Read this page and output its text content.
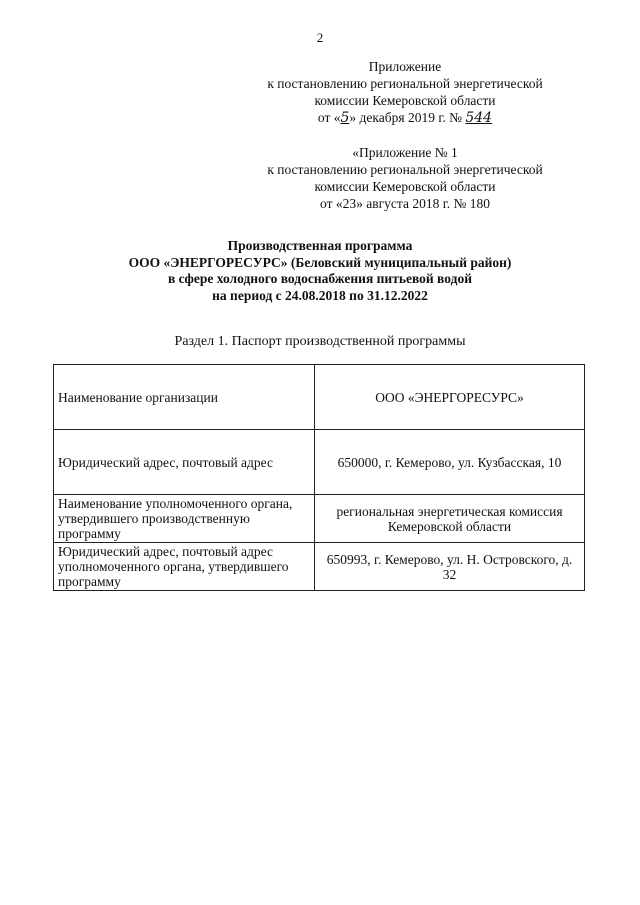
2
Приложение
к постановлению региональной энергетической
комиссии Кемеровской области
от «5» декабря 2019 г. № 544
«Приложение № 1
к постановлению региональной энергетической
комиссии Кемеровской области
от «23» августа 2018 г. № 180
Производственная программа
ООО «ЭНЕРГОРЕСУРС» (Беловский муниципальный район)
в сфере холодного водоснабжения питьевой водой
на период с 24.08.2018 по 31.12.2022
Раздел 1. Паспорт производственной программы
Наименование организации	ООО «ЭНЕРГОРЕСУРС»
Юридический адрес, почтовый адрес	650000, г. Кемерово, ул. Кузбасская, 10
Наименование уполномоченного органа, утвердившего производственную программу	региональная энергетическая комиссия Кемеровской области
Юридический адрес, почтовый адрес уполномоченного органа, утвердившего программу	650993, г. Кемерово, ул. Н. Островского, д. 32
